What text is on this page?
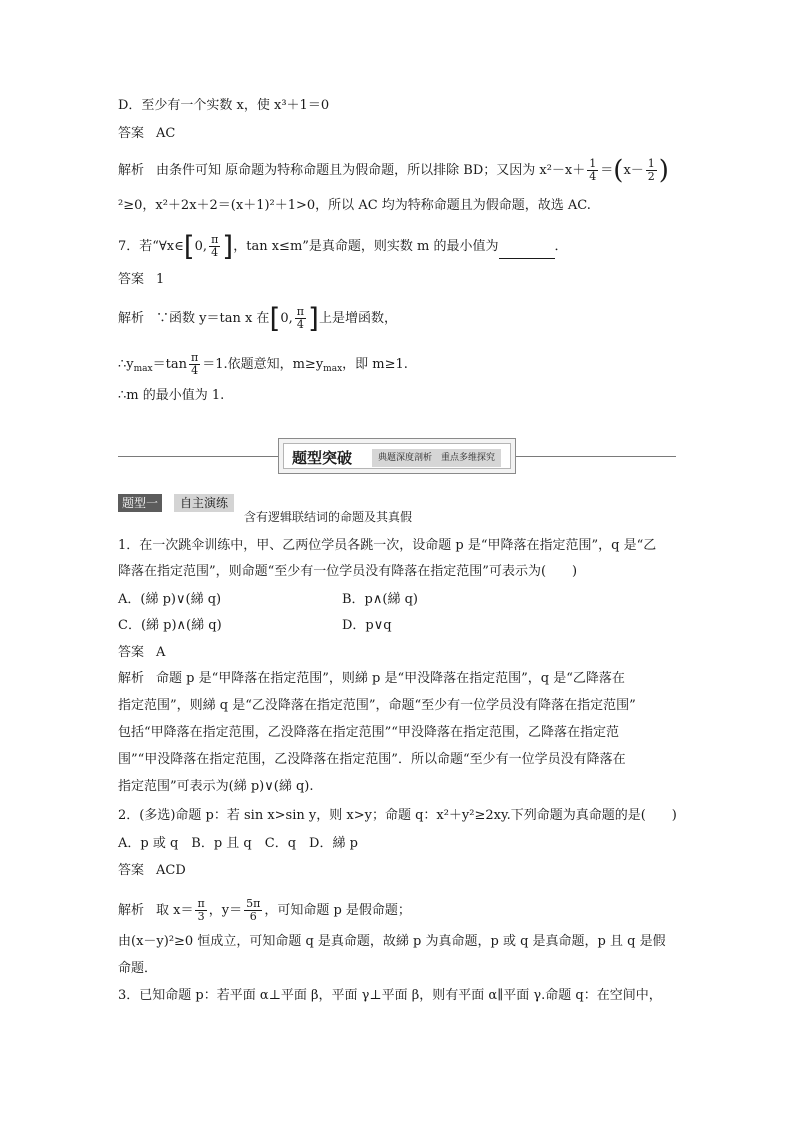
D．至少有一个实数 x，使 x³＋1＝0
答案 AC
解析 由条件可知 原命题为特称命题且为假命题，所以排除 BD；又因为 $x^2-x+ \frac{1}{4} =(x- \frac{1}{2}$ )
²≥0，x²＋2x＋2＝(x＋1)²＋1>0，所以 AC 均为特称命题且为假命题，故选 AC.
7．若“∀x∈[0, $\frac{\pi}{4}$ ]，tan x≤m”是真命题，则实数 m 的最小值为	．
答案 1
解析 ∵函数 y＝tan x 在[0, $\frac{\pi}{4}$ ]上是增函数，
$\therefore y_{max}=\tan \frac{\pi}{4} =1$.依题意知，$m\ge y_{max}$，即 m≥1.
∴m 的最小值为 1.
题型突破	典题深度剖析　重点多维探究
题型一	自主演练
含有逻辑联结词的命题及其真假
1．在一次跳伞训练中，甲、乙两位学员各跳一次，设命题 p 是“甲降落在指定范围”，q 是“乙
降落在指定范围”，则命题“至少有一位学员没有降落在指定范围”可表示为(　　)
A．(綈 p)∨(綈 q)	B．p∧(綈 q)
C．(綈 p)∧(綈 q)	D．p∨q
答案 A
解析 命题 p 是“甲降落在指定范围”，则綈 p 是“甲没降落在指定范围”，q 是“乙降落在
指定范围”，则綈 q 是“乙没降落在指定范围”，命题“至少有一位学员没有降落在指定范围”
包括“甲降落在指定范围，乙没降落在指定范围”“甲没降落在指定范围，乙降落在指定范
围”“甲没降落在指定范围，乙没降落在指定范围”．所以命题“至少有一位学员没有降落在
指定范围”可表示为(綈 p)∨(綈 q).
2．(多选)命题 p：若 sin x>sin y，则 x>y；命题 q：x²＋y²≥2xy.下列命题为真命题的是(　　)
A．p 或 q　B．p 且 q　C．q　D．綈 p
答案 ACD
解析 取 $x= \frac{\pi}{3}$ ，$y= \frac{5\pi}{6}$ ，可知命题 p 是假命题；
由(x－y)²≥0 恒成立，可知命题 q 是真命题，故綈 p 为真命题，p 或 q 是真命题，p 且 q 是假
命题．
3．已知命题 p：若平面 α⊥平面 β，平面 γ⊥平面 β，则有平面 α∥平面 γ.命题 q：在空间中，
